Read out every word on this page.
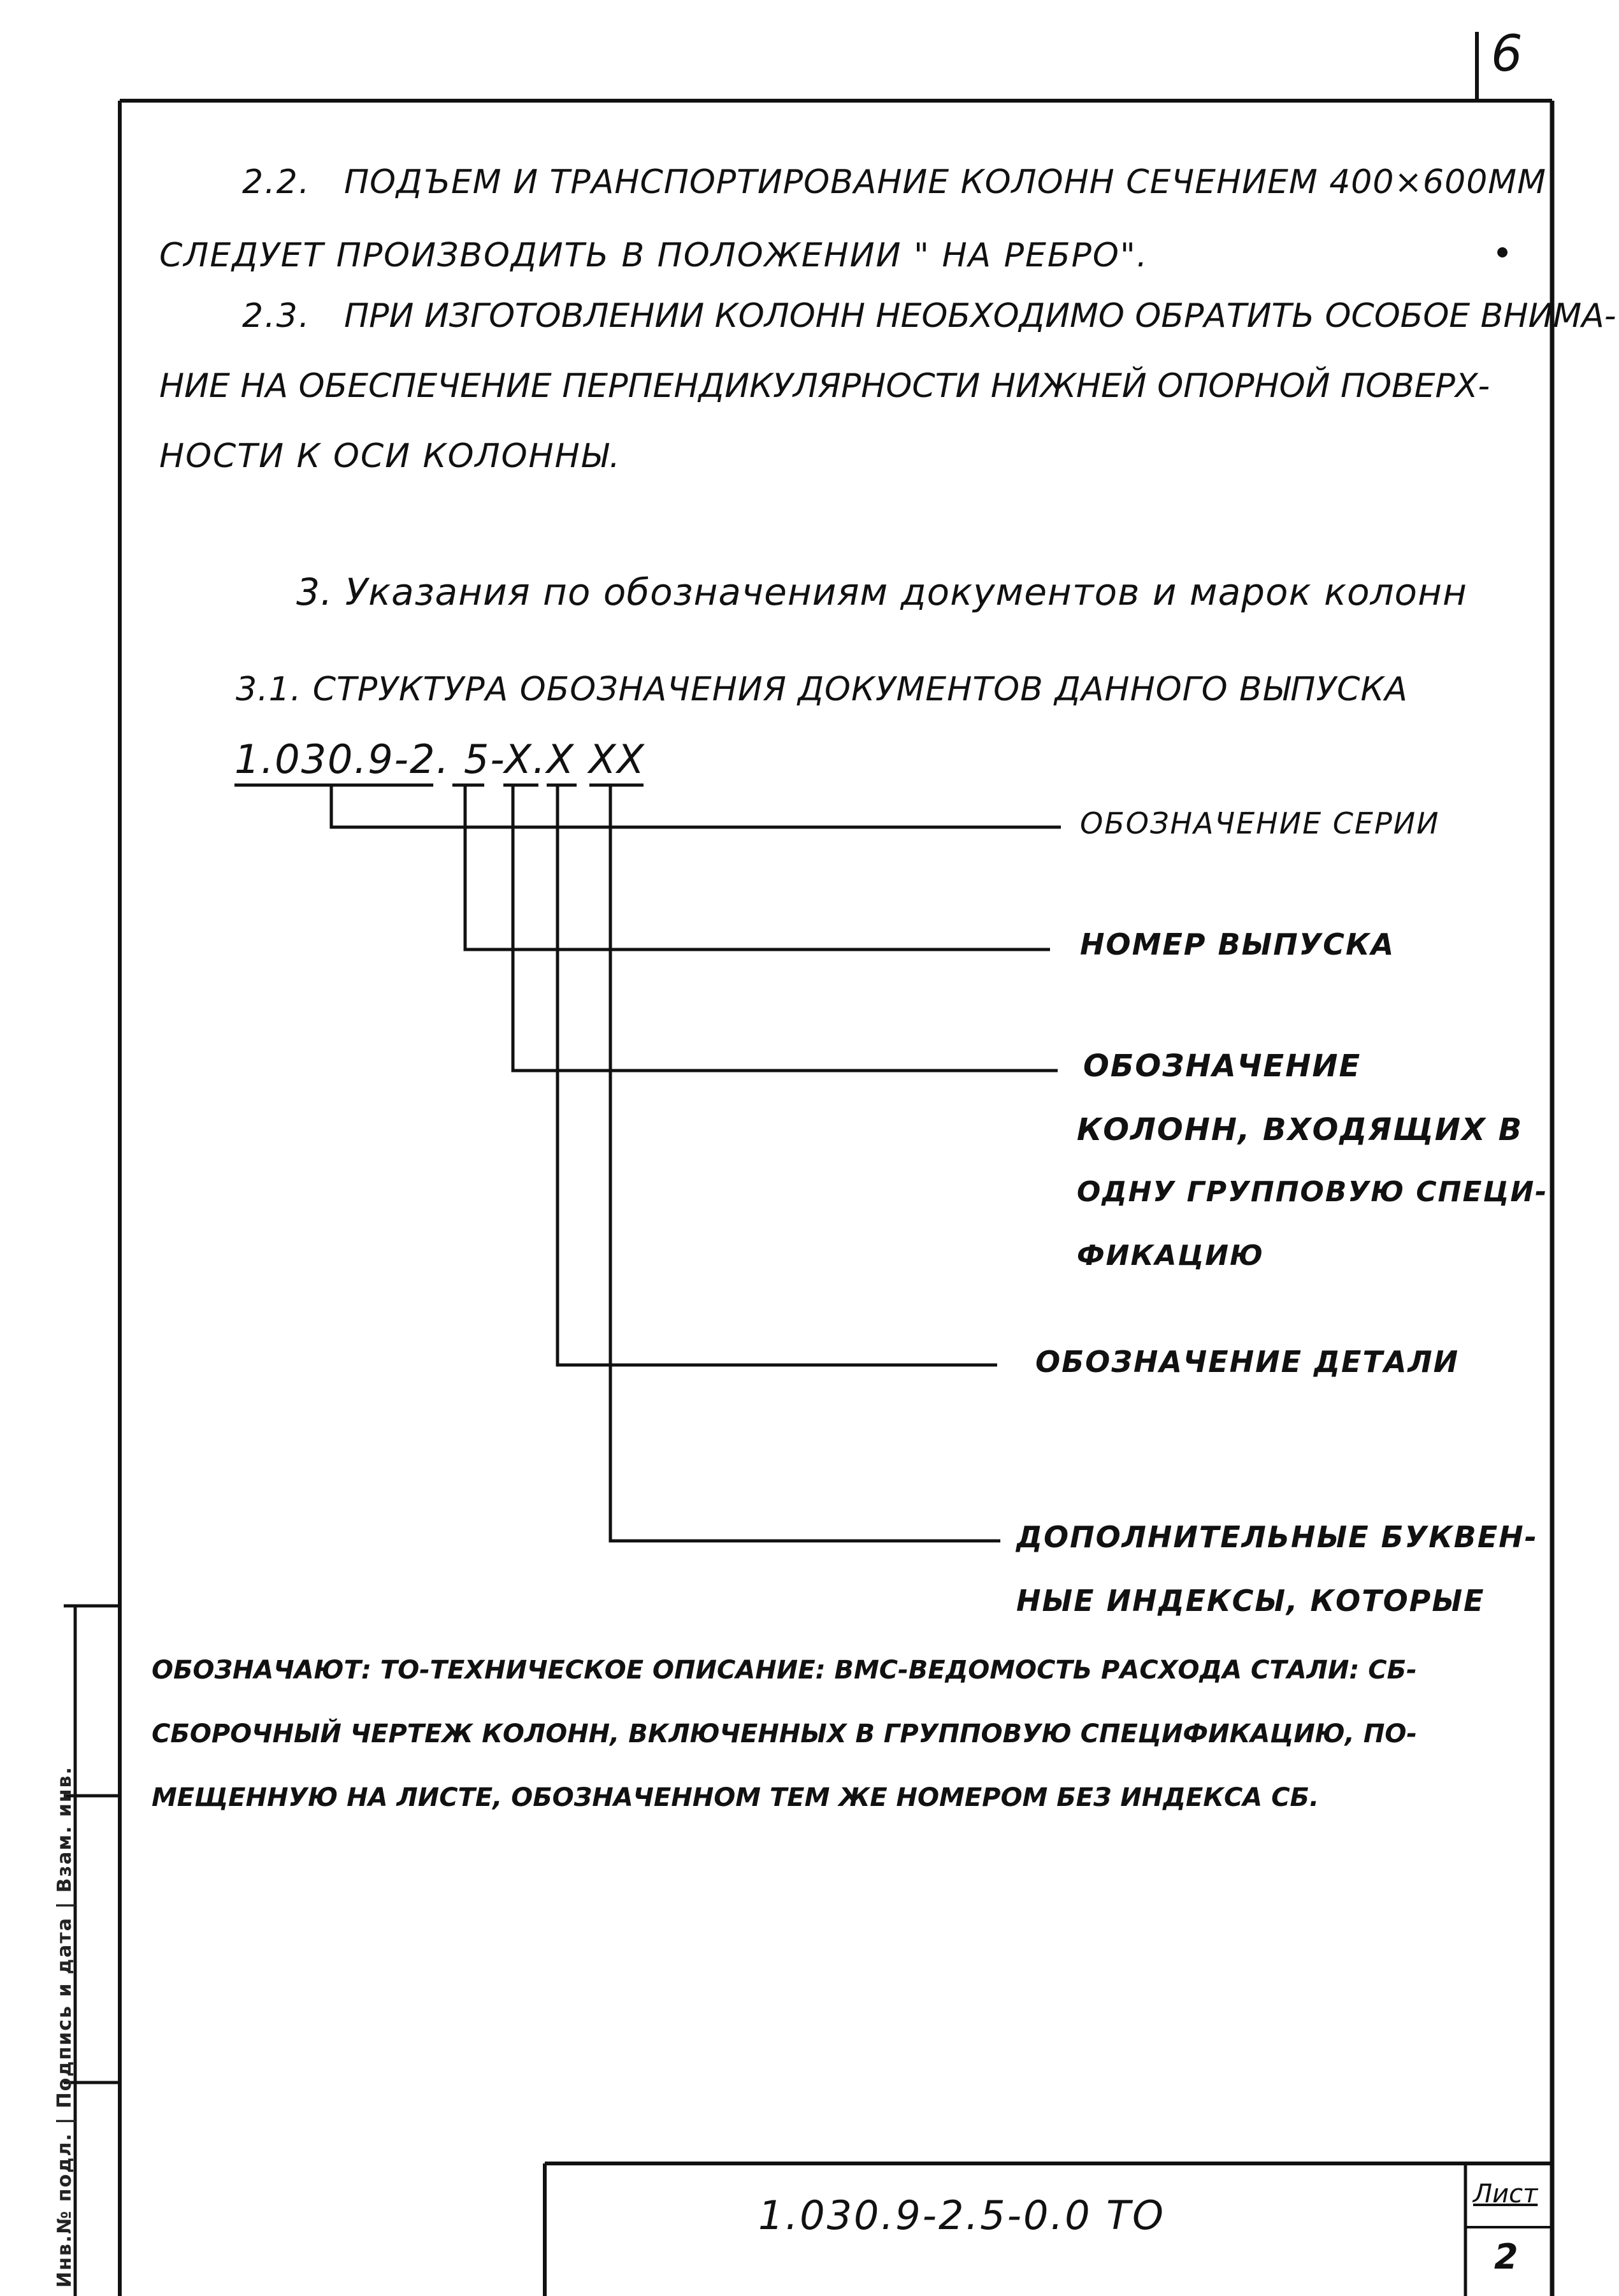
6
2.2. ПОДЪЕМ И ТРАНСПОРТИРОВАНИЕ КОЛОНН СЕЧЕНИЕМ 400×600ММ
СЛЕДУЕТ ПРОИЗВОДИТЬ В ПОЛОЖЕНИИ " НА РЕБРО".
2.3. ПРИ ИЗГОТОВЛЕНИИ КОЛОНН НЕОБХОДИМО ОБРАТИТЬ ОСОБОЕ ВНИМА-
НИЕ НА ОБЕСПЕЧЕНИЕ ПЕРПЕНДИКУЛЯРНОСТИ НИЖНЕЙ ОПОРНОЙ ПОВЕРХ-
НОСТИ К ОСИ КОЛОННЫ.
3. Указания по обозначениям документов и марок колонн
3.1. СТРУКТУРА ОБОЗНАЧЕНИЯ ДОКУМЕНТОВ ДАННОГО ВЫПУСКА
1.030.9-2. 5-X.X XX
ОБОЗНАЧЕНИЕ СЕРИИ
НОМЕР ВЫПУСКА
ОБОЗНАЧЕНИЕ
КОЛОНН, ВХОДЯЩИХ В
ОДНУ ГРУППОВУЮ СПЕЦИ-
ФИКАЦИЮ
ОБОЗНАЧЕНИЕ ДЕТАЛИ
ДОПОЛНИТЕЛЬНЫЕ БУКВЕН-
НЫЕ ИНДЕКСЫ, КОТОРЫЕ
ОБОЗНАЧАЮТ: ТО-ТЕХНИЧЕСКОЕ ОПИСАНИЕ: ВМС-ВЕДОМОСТЬ РАСХОДА СТАЛИ: СБ-
СБОРОЧНЫЙ ЧЕРТЕЖ КОЛОНН, ВКЛЮЧЕННЫХ В ГРУППОВУЮ СПЕЦИФИКАЦИЮ, ПО-
МЕЩЕННУЮ НА ЛИСТЕ, ОБОЗНАЧЕННОМ ТЕМ ЖЕ НОМЕРОМ БЕЗ ИНДЕКСА СБ.
Инв.№ подл. | Подпись и дата | Взам. инв.	1.030.9-2.5-0.0 ТО	Лист
2
